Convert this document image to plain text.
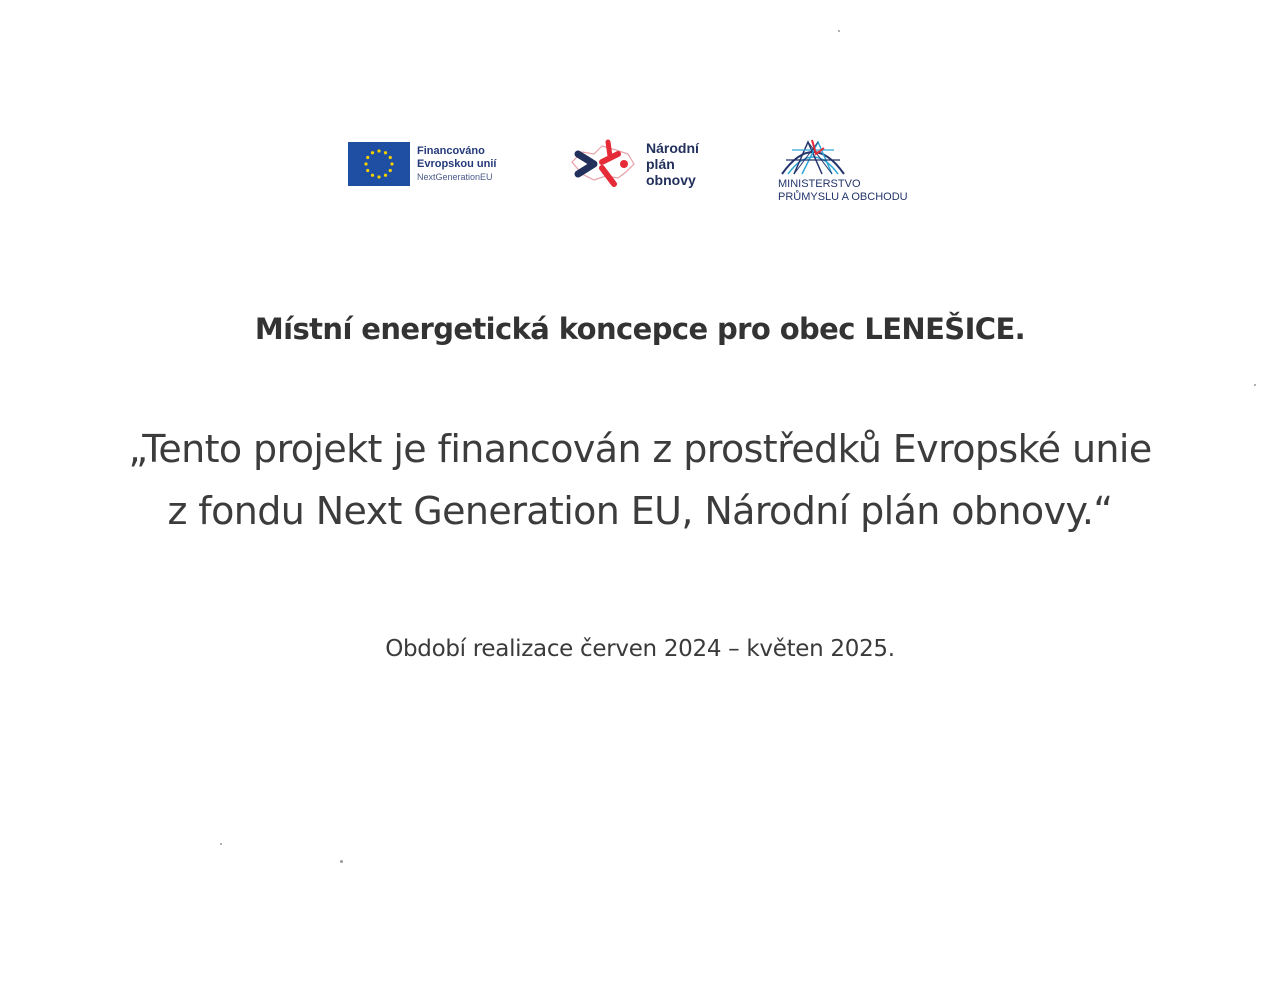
Financováno
Evropskou unií
NextGenerationEU
Národní
plán
obnovy	MINISTERSTVO
PRŮMYSLU A OBCHODU
Místní energetická koncepce pro obec LENEŠICE.
„Tento projekt je financován z prostředků Evropské unie
z fondu Next Generation EU, Národní plán obnovy.“
Období realizace červen 2024 – květen 2025.
